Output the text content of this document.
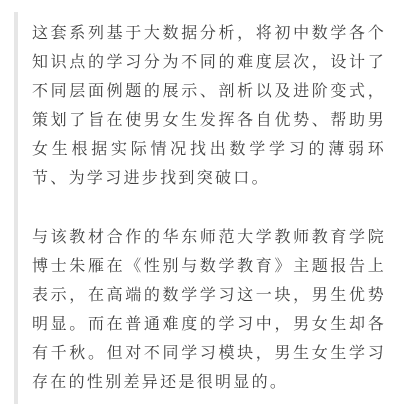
这套系列基于大数据分析，将初中数学各个知识点的学习分为不同的难度层次，设计了不同层面例题的展示、剖析以及进阶变式，策划了旨在使男女生发挥各自优势、帮助男女生根据实际情况找出数学学习的薄弱环节、为学习进步找到突破口。

与该教材合作的华东师范大学教师教育学院博士朱雁在《性别与数学教育》主题报告上表示，在高端的数学学习这一块，男生优势明显。而在普通难度的学习中，男女生却各有千秋。但对不同学习模块，男生女生学习存在的性别差异还是很明显的。
